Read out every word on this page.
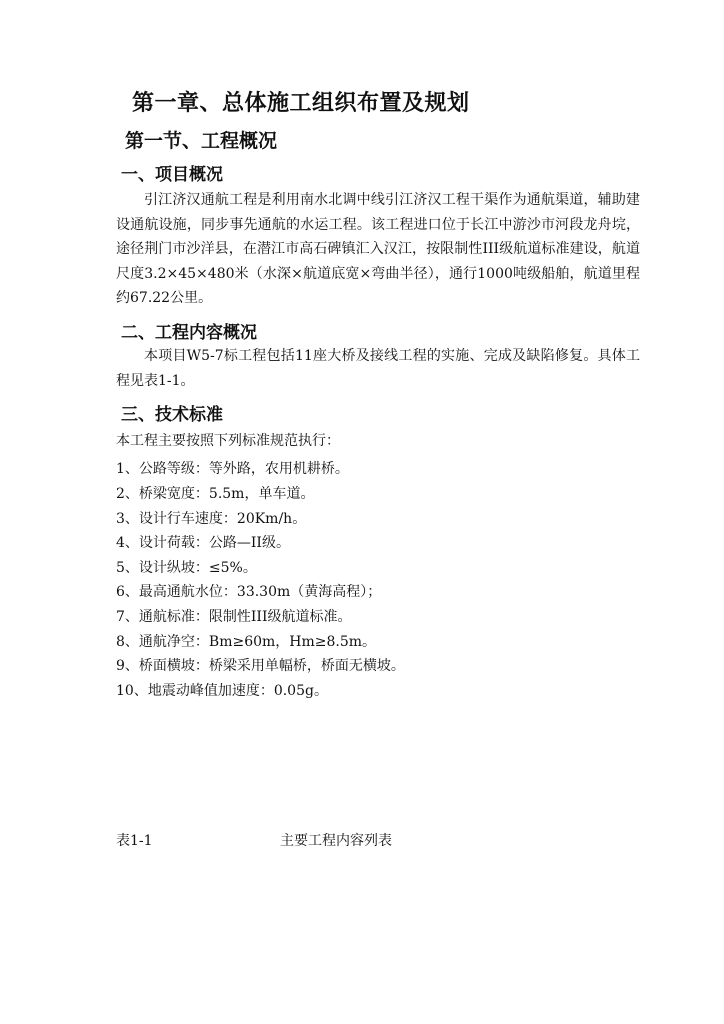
第一章、总体施工组织布置及规划
第一节、工程概况
一、项目概况
引江济汉通航工程是利用南水北调中线引江济汉工程干渠作为通航渠道，辅助建设通航设施，同步事先通航的水运工程。该工程进口位于长江中游沙市河段龙舟垸，途径荆门市沙洋县，在潜江市高石碑镇汇入汉江，按限制性III级航道标准建设，航道尺度3.2×45×480米（水深×航道底宽×弯曲半径），通行1000吨级船舶，航道里程约67.22公里。
二、工程内容概况
本项目W5-7标工程包括11座大桥及接线工程的实施、完成及缺陷修复。具体工程见表1-1。
三、技术标准
本工程主要按照下列标准规范执行：
1、公路等级：等外路，农用机耕桥。
2、桥梁宽度：5.5m，单车道。
3、设计行车速度：20Km/h。
4、设计荷载：公路—II级。
5、设计纵坡：≤5%。
6、最高通航水位：33.30m（黄海高程）；
7、通航标准：限制性III级航道标准。
8、通航净空：Bm≥60m，Hm≥8.5m。
9、桥面横坡：桥梁采用单幅桥，桥面无横坡。
10、地震动峰值加速度：0.05g。
表1-1	主要工程内容列表
